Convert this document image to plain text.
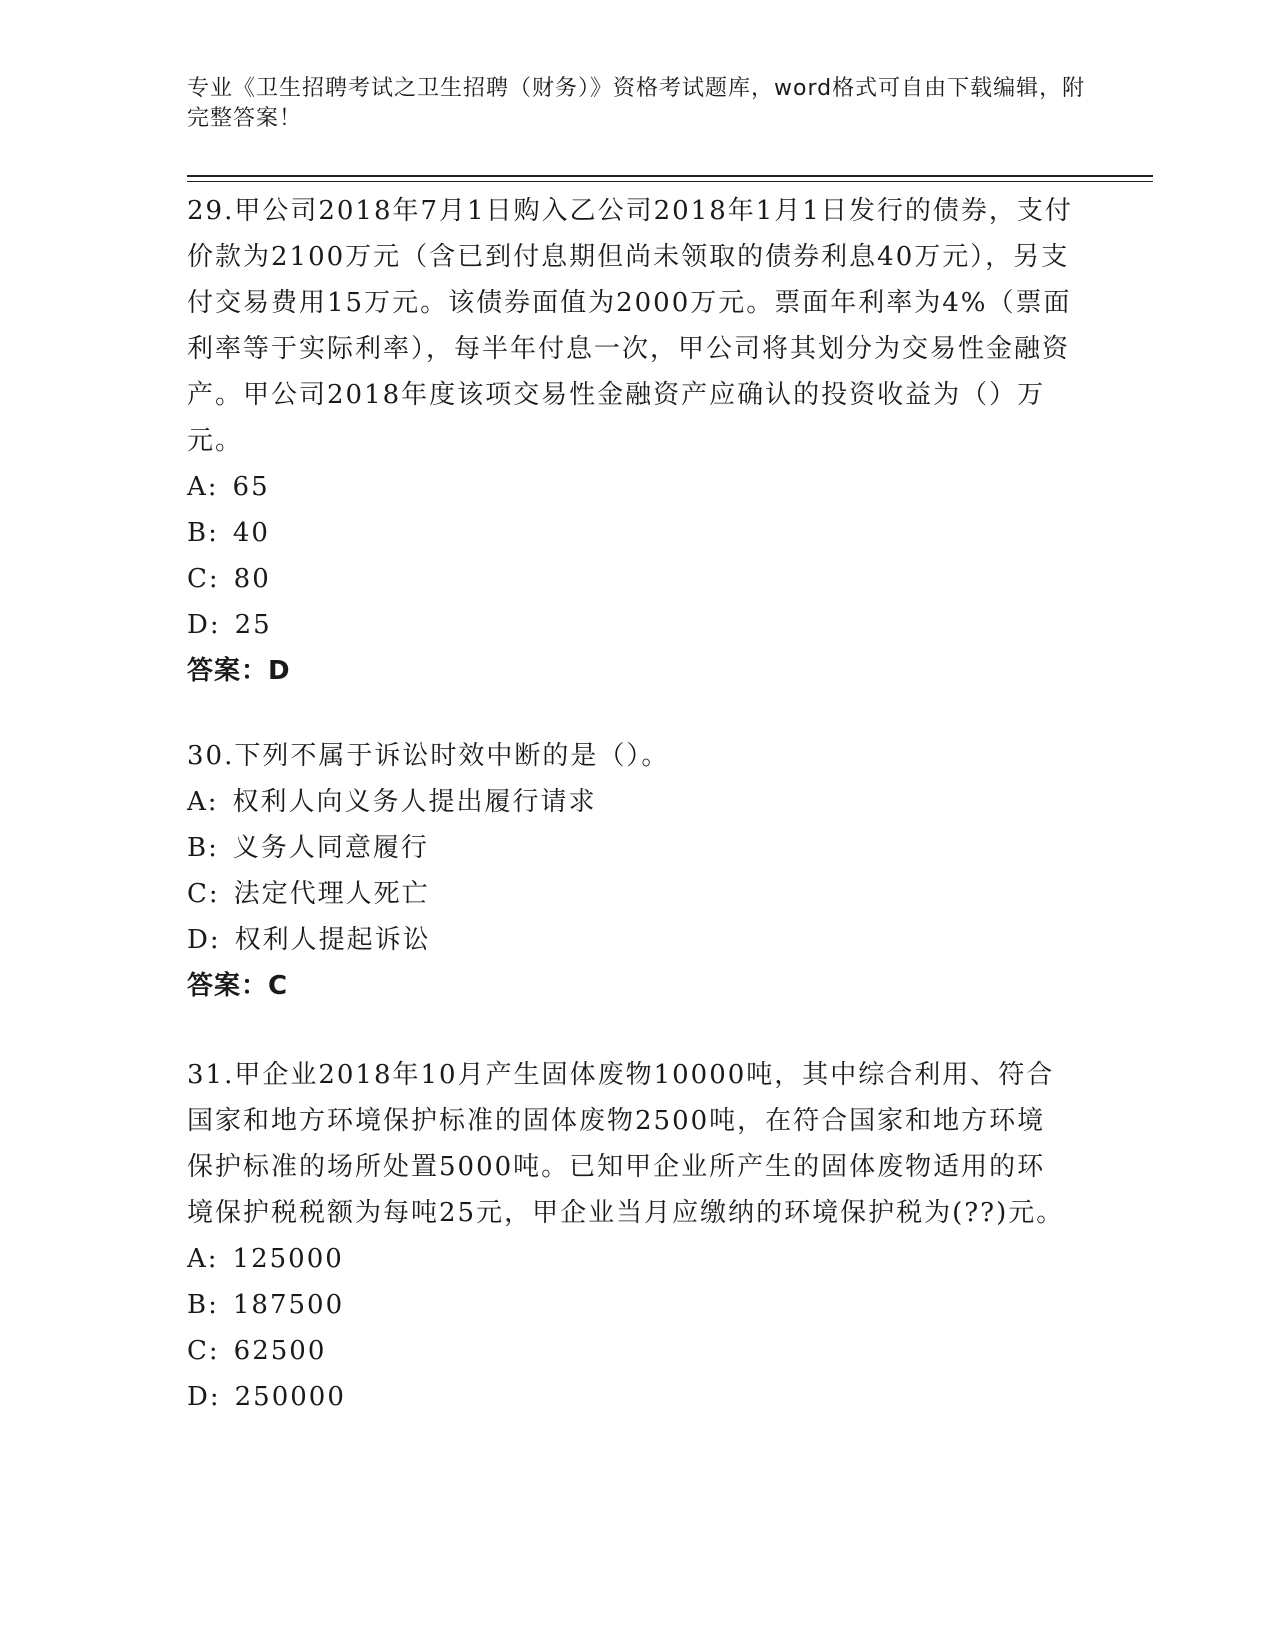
专业《卫生招聘考试之卫生招聘（财务）》资格考试题库，word格式可自由下载编辑，附完整答案！
29.甲公司2018年7月1日购入乙公司2018年1月1日发行的债券，支付价款为2100万元（含已到付息期但尚未领取的债券利息40万元），另支付交易费用15万元。该债券面值为2000万元。票面年利率为4%（票面利率等于实际利率），每半年付息一次，甲公司将其划分为交易性金融资产。甲公司2018年度该项交易性金融资产应确认的投资收益为（）万元。
A: 65
B: 40
C: 80
D: 25
答案：D
30.下列不属于诉讼时效中断的是（）。
A: 权利人向义务人提出履行请求
B: 义务人同意履行
C: 法定代理人死亡
D: 权利人提起诉讼
答案：C
31.甲企业2018年10月产生固体废物10000吨，其中综合利用、符合国家和地方环境保护标准的固体废物2500吨，在符合国家和地方环境保护标准的场所处置5000吨。已知甲企业所产生的固体废物适用的环境保护税税额为每吨25元，甲企业当月应缴纳的环境保护税为(??)元。
A: 125000
B: 187500
C: 62500
D: 250000
